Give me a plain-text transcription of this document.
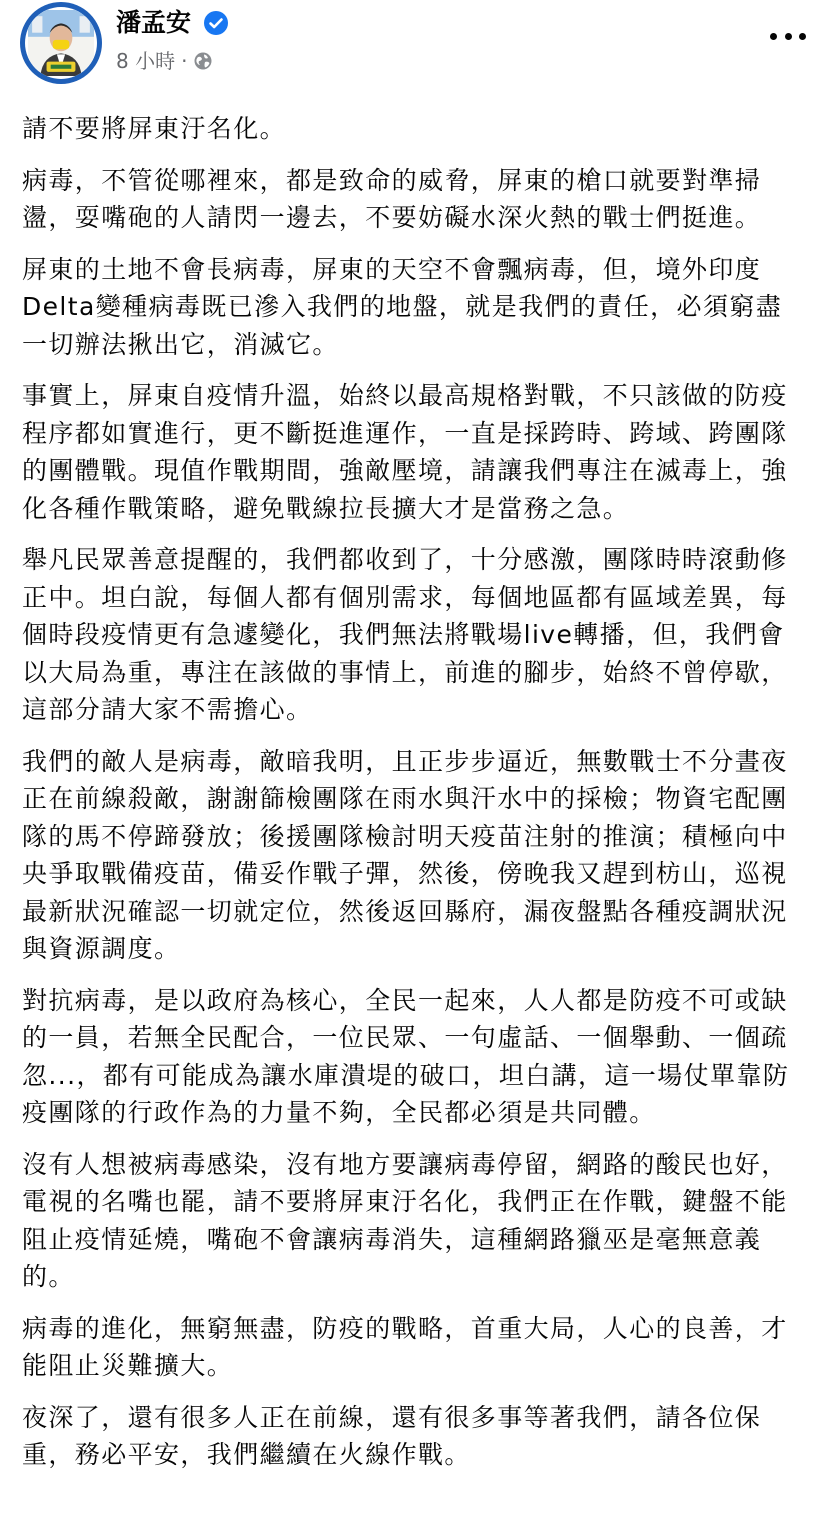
潘孟安
8 小時 ·

請不要將屏東汙名化。

病毒，不管從哪裡來，都是致命的威脅，屏東的槍口就要對準掃盪，耍嘴砲的人請閃一邊去，不要妨礙水深火熱的戰士們挺進。

屏東的土地不會長病毒，屏東的天空不會飄病毒，但，境外印度Delta變種病毒既已滲入我們的地盤，就是我們的責任，必須窮盡一切辦法揪出它，消滅它。

事實上，屏東自疫情升溫，始終以最高規格對戰，不只該做的防疫程序都如實進行，更不斷挺進運作，一直是採跨時、跨域、跨團隊的團體戰。現值作戰期間，強敵壓境，請讓我們專注在滅毒上，強化各種作戰策略，避免戰線拉長擴大才是當務之急。

舉凡民眾善意提醒的，我們都收到了，十分感激，團隊時時滾動修正中。坦白說，每個人都有個別需求，每個地區都有區域差異，每個時段疫情更有急遽變化，我們無法將戰場live轉播，但，我們會以大局為重，專注在該做的事情上，前進的腳步，始終不曾停歇，這部分請大家不需擔心。

我們的敵人是病毒，敵暗我明，且正步步逼近，無數戰士不分晝夜正在前線殺敵，謝謝篩檢團隊在雨水與汗水中的採檢；物資宅配團隊的馬不停蹄發放；後援團隊檢討明天疫苗注射的推演；積極向中央爭取戰備疫苗，備妥作戰子彈，然後，傍晚我又趕到枋山，巡視最新狀況確認一切就定位，然後返回縣府，漏夜盤點各種疫調狀況與資源調度。

對抗病毒，是以政府為核心，全民一起來，人人都是防疫不可或缺的一員，若無全民配合，一位民眾、一句虛話、一個舉動、一個疏忽...，都有可能成為讓水庫潰堤的破口，坦白講，這一場仗單靠防疫團隊的行政作為的力量不夠，全民都必須是共同體。

沒有人想被病毒感染，沒有地方要讓病毒停留，網路的酸民也好，電視的名嘴也罷，請不要將屏東汙名化，我們正在作戰，鍵盤不能阻止疫情延燒，嘴砲不會讓病毒消失，這種網路獵巫是毫無意義的。

病毒的進化，無窮無盡，防疫的戰略，首重大局，人心的良善，才能阻止災難擴大。

夜深了，還有很多人正在前線，還有很多事等著我們，請各位保重，務必平安，我們繼續在火線作戰。
